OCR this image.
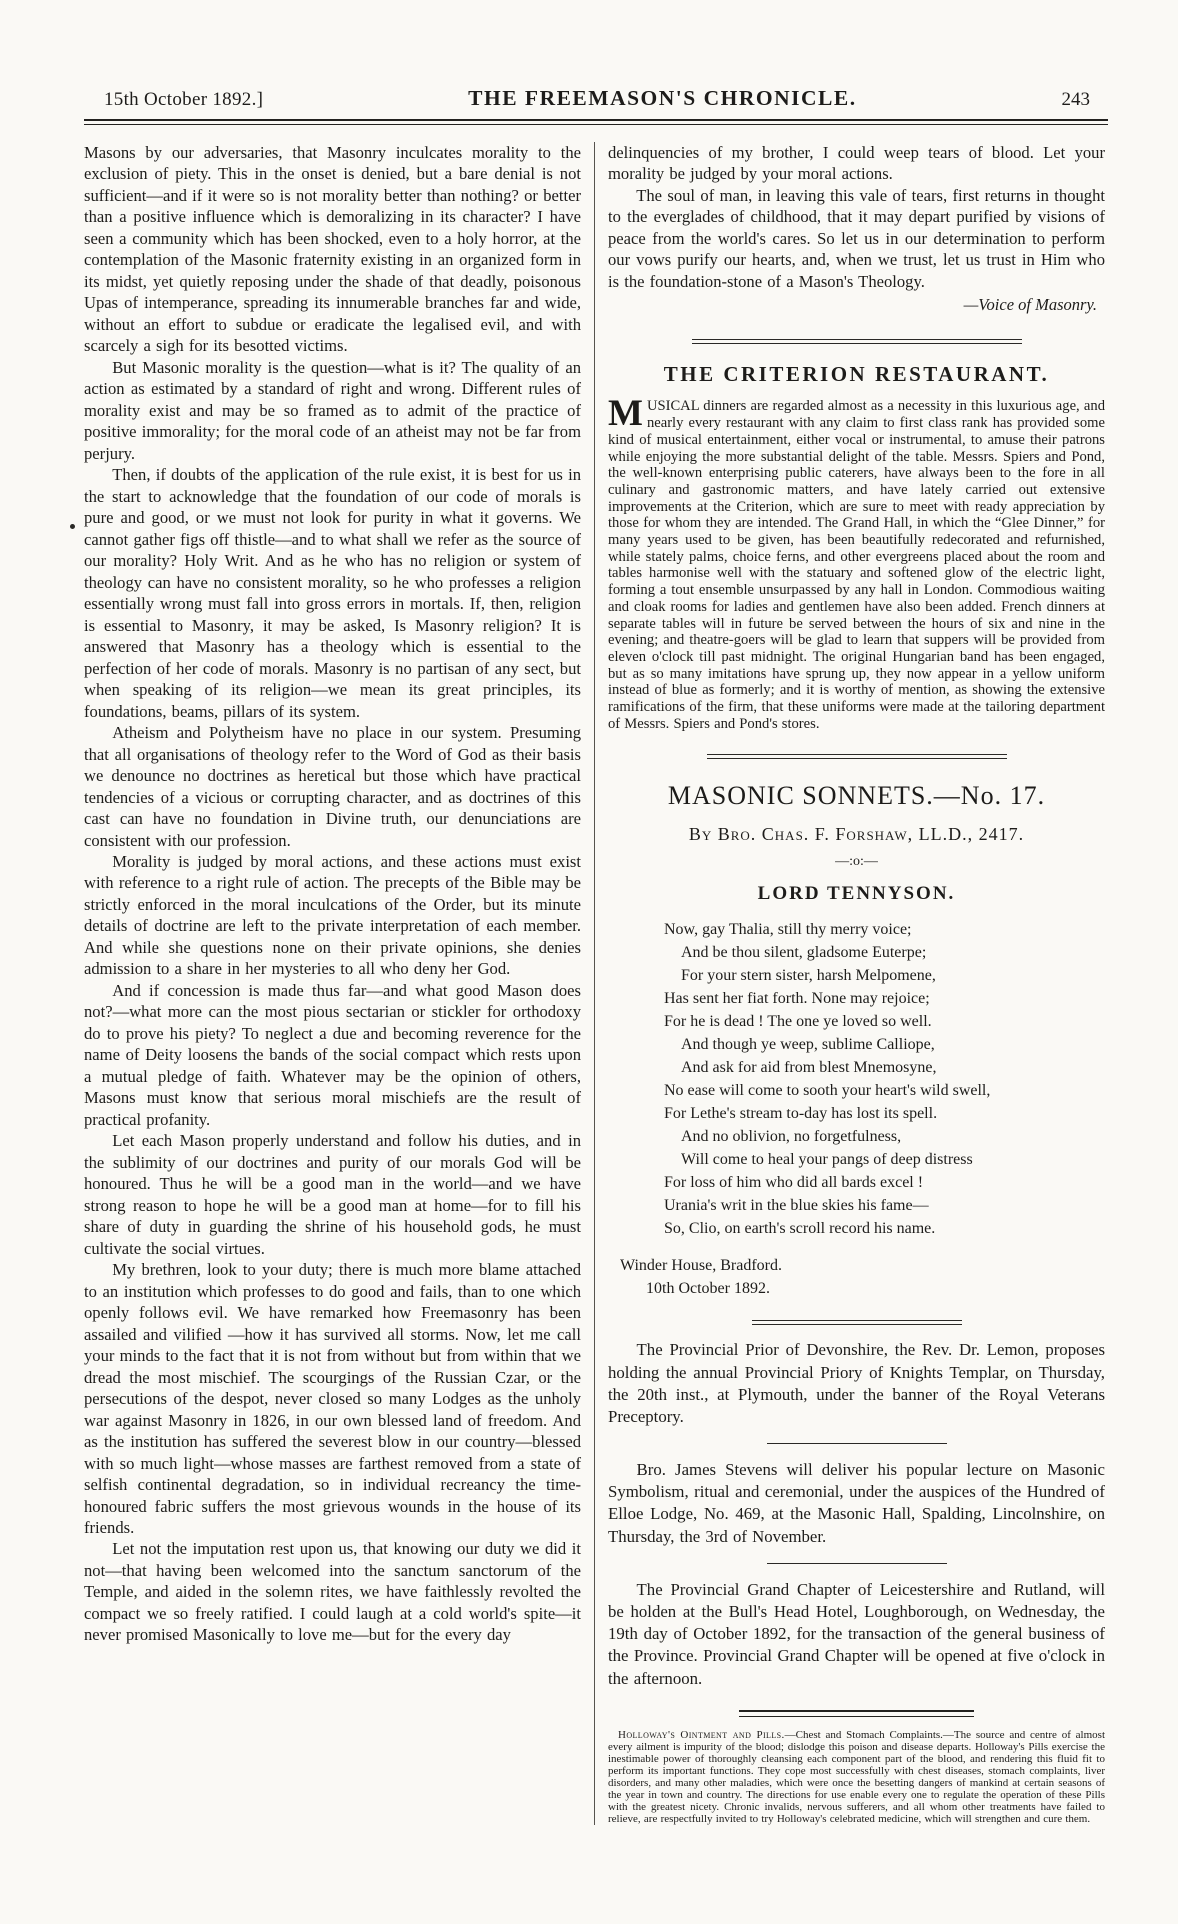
15th October 1892.]	THE FREEMASON'S CHRONICLE.	243

Masons by our adversaries, that Masonry inculcates morality to the exclusion of piety. This in the onset is denied, but a bare denial is not sufficient—and if it were so is not morality better than nothing? or better than a positive influence which is demoralizing in its character? I have seen a community which has been shocked, even to a holy horror, at the contemplation of the Masonic fraternity existing in an organized form in its midst, yet quietly reposing under the shade of that deadly, poisonous Upas of intemperance, spreading its innumerable branches far and wide, without an effort to subdue or eradicate the legalised evil, and with scarcely a sigh for its besotted victims.

But Masonic morality is the question—what is it? The quality of an action as estimated by a standard of right and wrong. Different rules of morality exist and may be so framed as to admit of the practice of positive immorality; for the moral code of an atheist may not be far from perjury.

Then, if doubts of the application of the rule exist, it is best for us in the start to acknowledge that the foundation of our code of morals is pure and good, or we must not look for purity in what it governs. We cannot gather figs off thistle—and to what shall we refer as the source of our morality? Holy Writ. And as he who has no religion or system of theology can have no consistent morality, so he who professes a religion essentially wrong must fall into gross errors in mortals. If, then, religion is essential to Masonry, it may be asked, Is Masonry religion? It is answered that Masonry has a theology which is essential to the perfection of her code of morals. Masonry is no partisan of any sect, but when speaking of its religion—we mean its great principles, its foundations, beams, pillars of its system.

Atheism and Polytheism have no place in our system. Presuming that all organisations of theology refer to the Word of God as their basis we denounce no doctrines as heretical but those which have practical tendencies of a vicious or corrupting character, and as doctrines of this cast can have no foundation in Divine truth, our denunciations are consistent with our profession.

Morality is judged by moral actions, and these actions must exist with reference to a right rule of action. The precepts of the Bible may be strictly enforced in the moral inculcations of the Order, but its minute details of doctrine are left to the private interpretation of each member. And while she questions none on their private opinions, she denies admission to a share in her mysteries to all who deny her God.

And if concession is made thus far—and what good Mason does not?—what more can the most pious sectarian or stickler for orthodoxy do to prove his piety? To neglect a due and becoming reverence for the name of Deity loosens the bands of the social compact which rests upon a mutual pledge of faith. Whatever may be the opinion of others, Masons must know that serious moral mischiefs are the result of practical profanity.

Let each Mason properly understand and follow his duties, and in the sublimity of our doctrines and purity of our morals God will be honoured. Thus he will be a good man in the world—and we have strong reason to hope he will be a good man at home—for to fill his share of duty in guarding the shrine of his household gods, he must cultivate the social virtues.

My brethren, look to your duty; there is much more blame attached to an institution which professes to do good and fails, than to one which openly follows evil. We have remarked how Freemasonry has been assailed and vilified —how it has survived all storms. Now, let me call your minds to the fact that it is not from without but from within that we dread the most mischief. The scourgings of the Russian Czar, or the persecutions of the despot, never closed so many Lodges as the unholy war against Masonry in 1826, in our own blessed land of freedom. And as the institution has suffered the severest blow in our country—blessed with so much light—whose masses are farthest removed from a state of selfish continental degradation, so in individual recreancy the time-honoured fabric suffers the most grievous wounds in the house of its friends.

Let not the imputation rest upon us, that knowing our duty we did it not—that having been welcomed into the sanctum sanctorum of the Temple, and aided in the solemn rites, we have faithlessly revolted the compact we so freely ratified. I could laugh at a cold world's spite—it never promised Masonically to love me—but for the every day

delinquencies of my brother, I could weep tears of blood. Let your morality be judged by your moral actions.

The soul of man, in leaving this vale of tears, first returns in thought to the everglades of childhood, that it may depart purified by visions of peace from the world's cares. So let us in our determination to perform our vows purify our hearts, and, when we trust, let us trust in Him who is the foundation-stone of a Mason's Theology.

—Voice of Masonry.

THE CRITERION RESTAURANT.

MUSICAL dinners are regarded almost as a necessity in this luxurious age, and nearly every restaurant with any claim to first class rank has provided some kind of musical entertainment, either vocal or instrumental, to amuse their patrons while enjoying the more substantial delight of the table. Messrs. Spiers and Pond, the well-known enterprising public caterers, have always been to the fore in all culinary and gastronomic matters, and have lately carried out extensive improvements at the Criterion, which are sure to meet with ready appreciation by those for whom they are intended. The Grand Hall, in which the “Glee Dinner,” for many years used to be given, has been beautifully redecorated and refurnished, while stately palms, choice ferns, and other evergreens placed about the room and tables harmonise well with the statuary and softened glow of the electric light, forming a tout ensemble unsurpassed by any hall in London. Commodious waiting and cloak rooms for ladies and gentlemen have also been added. French dinners at separate tables will in future be served between the hours of six and nine in the evening; and theatre-goers will be glad to learn that suppers will be provided from eleven o'clock till past midnight. The original Hungarian band has been engaged, but as so many imitations have sprung up, they now appear in a yellow uniform instead of blue as formerly; and it is worthy of mention, as showing the extensive ramifications of the firm, that these uniforms were made at the tailoring department of Messrs. Spiers and Pond's stores.

MASONIC SONNETS.—No. 17.
By Bro. Chas. F. Forshaw, LL.D., 2417.
—:o:—
LORD TENNYSON.
Now, gay Thalia, still thy merry voice;
And be thou silent, gladsome Euterpe;
For your stern sister, harsh Melpomene,
Has sent her fiat forth. None may rejoice;
For he is dead ! The one ye loved so well.
And though ye weep, sublime Calliope,
And ask for aid from blest Mnemosyne,
No ease will come to sooth your heart's wild swell,
For Lethe's stream to-day has lost its spell.
And no oblivion, no forgetfulness,
Will come to heal your pangs of deep distress
For loss of him who did all bards excel !
Urania's writ in the blue skies his fame—
So, Clio, on earth's scroll record his name.
Winder House, Bradford.
10th October 1892.

The Provincial Prior of Devonshire, the Rev. Dr. Lemon, proposes holding the annual Provincial Priory of Knights Templar, on Thursday, the 20th inst., at Plymouth, under the banner of the Royal Veterans Preceptory.

Bro. James Stevens will deliver his popular lecture on Masonic Symbolism, ritual and ceremonial, under the auspices of the Hundred of Elloe Lodge, No. 469, at the Masonic Hall, Spalding, Lincolnshire, on Thursday, the 3rd of November.

The Provincial Grand Chapter of Leicestershire and Rutland, will be holden at the Bull's Head Hotel, Loughborough, on Wednesday, the 19th day of October 1892, for the transaction of the general business of the Province. Provincial Grand Chapter will be opened at five o'clock in the afternoon.

Holloway's Ointment and Pills.—Chest and Stomach Complaints.—The source and centre of almost every ailment is impurity of the blood; dislodge this poison and disease departs. Holloway's Pills exercise the inestimable power of thoroughly cleansing each component part of the blood, and rendering this fluid fit to perform its important functions. They cope most successfully with chest diseases, stomach complaints, liver disorders, and many other maladies, which were once the besetting dangers of mankind at certain seasons of the year in town and country. The directions for use enable every one to regulate the operation of these Pills with the greatest nicety. Chronic invalids, nervous sufferers, and all whom other treatments have failed to relieve, are respectfully invited to try Holloway's celebrated medicine, which will strengthen and cure them.
